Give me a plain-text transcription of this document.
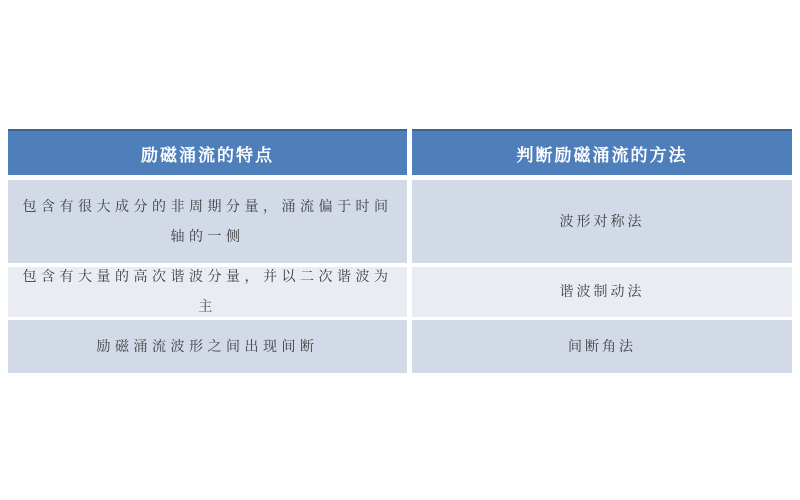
励磁涌流的特点	判断励磁涌流的方法
包含有很大成分的非周期分量，涌流偏于时间轴的一侧
波形对称法
包含有大量的高次谐波分量，并以二次谐波为主
谐波制动法
励磁涌流波形之间出现间断	间断角法
